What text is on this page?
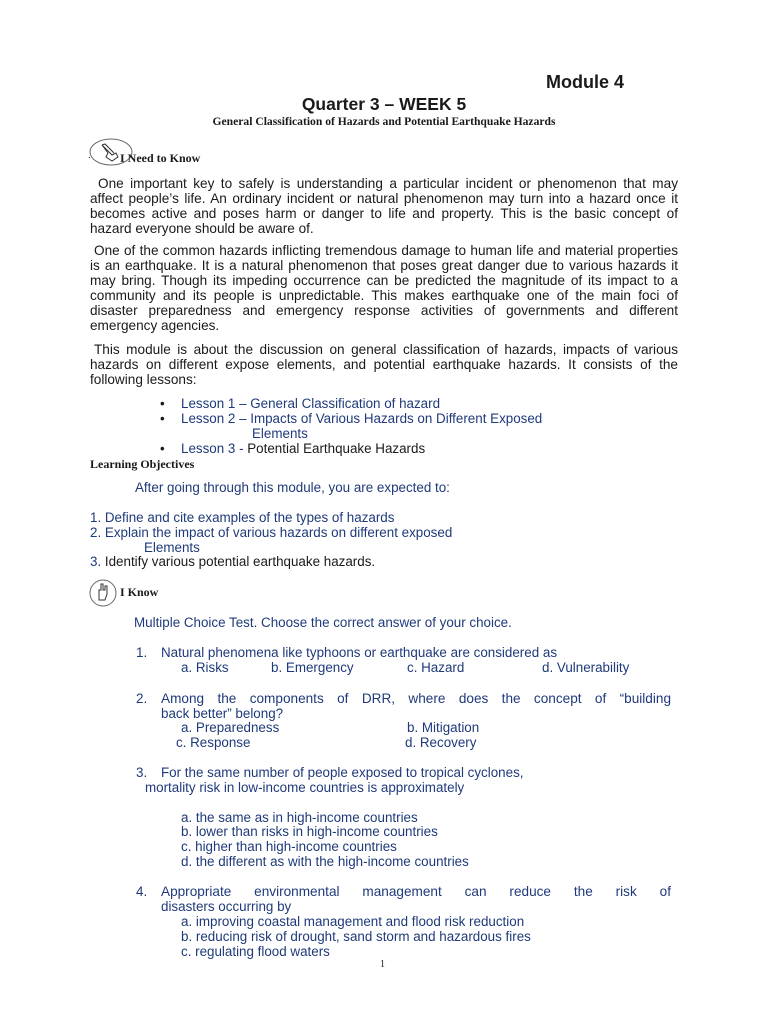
Module 4
Quarter 3 – WEEK 5
General Classification of Hazards and Potential Earthquake Hazards
. I Need to Know
One important key to safely is understanding a particular incident or phenomenon that may affect people’s life. An ordinary incident or natural phenomenon may turn into a hazard once it becomes active and poses harm or danger to life and property. This is the basic concept of hazard everyone should be aware of.
One of the common hazards inflicting tremendous damage to human life and material properties is an earthquake. It is a natural phenomenon that poses great danger due to various hazards it may bring. Though its impeding occurrence can be predicted the magnitude of its impact to a community and its people is unpredictable. This makes earthquake one of the main foci of disaster preparedness and emergency response activities of governments and different emergency agencies.
This module is about the discussion on general classification of hazards, impacts of various hazards on different expose elements, and potential earthquake hazards. It consists of the following lessons:
• Lesson 1 – General Classification of hazard
• Lesson 2 – Impacts of Various Hazards on Different Exposed
Elements
• Lesson 3 - Potential Earthquake Hazards
Learning Objectives
After going through this module, you are expected to:
1. Define and cite examples of the types of hazards
2. Explain the impact of various hazards on different exposed
Elements
3. Identify various potential earthquake hazards.
I Know
Multiple Choice Test. Choose the correct answer of your choice.
1. Natural phenomena like typhoons or earthquake are considered as
a. Risks	b. Emergency	c. Hazard	d. Vulnerability
2. Among the components of DRR, where does the concept of “building
back better” belong?
a. Preparedness	b. Mitigation
c. Response	d. Recovery
3. For the same number of people exposed to tropical cyclones,
mortality risk in low-income countries is approximately
a. the same as in high-income countries
b. lower than risks in high-income countries
c. higher than high-income countries
d. the different as with the high-income countries
4. Appropriate environmental management can reduce the risk of
disasters occurring by
a. improving coastal management and flood risk reduction
b. reducing risk of drought, sand storm and hazardous fires
c. regulating flood waters
1
